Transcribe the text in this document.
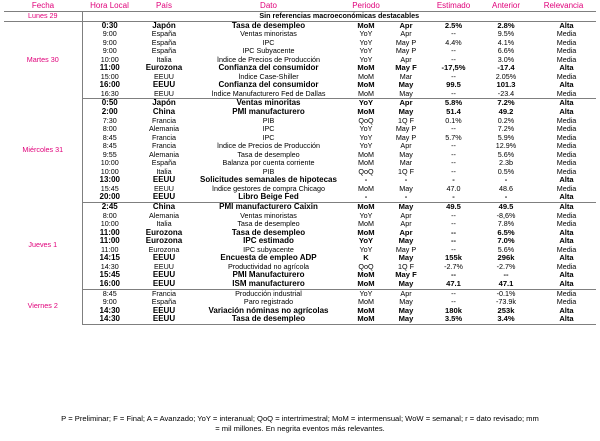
Fecha	Hora Local	País	Dato	Periodo		Estimado	Anterior	Relevancia
Lunes 29	Sin referencias macroeconómicas destacables							
Martes 30	0:30	Japón	Tasa de desempleo	MoM	Apr	2.5%	2.8%	Alta
	9:00	España	Ventas minoristas	YoY	Apr	--	9.5%	Media
	9:00	España	IPC	YoY	May P	4.4%	4.1%	Media
	9:00	España	IPC Subyacente	YoY	May P	--	6.6%	Media
	10:00	Italia	Índice de Precios de Producción	YoY	Apr	--	3.0%	Media
	11:00	Eurozona	Confianza del consumidor	MoM	May F	-17,5%	-17.4	Alta
	15:00	EEUU	Índice Case-Shiller	MoM	Mar	--	2.05%	Media
	16:00	EEUU	Confianza del consumidor	MoM	May	99.5	101.3	Alta
	16:30	EEUU	Índice Manufacturero Fed de Dallas	MoM	May	--	-23.4	Media
Miércoles 31	0:50	Japón	Ventas minoritas	YoY	Apr	5.8%	7.2%	Alta
	2:00	China	PMI manufacturero	MoM	May	51.4	49.2	Alta
	7:30	Francia	PIB	QoQ	1Q F	0.1%	0.2%	Media
	8:00	Alemania	IPC	YoY	May P	--	7.2%	Media
	8:45	Francia	IPC	YoY	May P	5.7%	5.9%	Media
	8:45	Francia	Índice de Precios de Producción	YoY	Apr	--	12.9%	Media
	9:55	Alemania	Tasa de desempleo	MoM	May	--	5.6%	Media
	10:00	España	Balanza por cuenta corriente	MoM	Mar	--	2.3b	Media
	10:00	Italia	PIB	QoQ	1Q F	--	0.5%	Media
	13:00	EEUU	Solicitudes semanales de hipotecas	-	-	-	-	Alta
	15:45	EEUU	Índice gestores de compra Chicago	MoM	May	47.0	48.6	Media
	20:00	EEUU	Libro Beige Fed	-	-	-	-	Alta
Jueves 1	2:45	China	PMI manufacturero Caixin	MoM	May	49.5	49.5	Alta
	8:00	Alemania	Ventas minoristas	YoY	Apr	--	-8,6%	Media
	10:00	Italia	Tasa de desempleo	MoM	Apr	--	7.8%	Media
	11:00	Eurozona	Tasa de desempleo	MoM	Apr	--	6.5%	Alta
	11:00	Eurozona	IPC estimado	YoY	May	--	7.0%	Alta
	11:00	Eurozona	IPC subyacente	YoY	May P	--	5.6%	Media
	14:15	EEUU	Encuesta de empleo ADP	K	May	155k	296k	Alta
	14:30	EEUU	Productividad no agrícola	QoQ	1Q F	-2.7%	-2.7%	Media
	15:45	EEUU	PMI Manufacturero	MoM	May F	--	--	Alta
	16:00	EEUU	ISM manufacturero	MoM	May	47.1	47.1	Alta
Viernes 2	8:45	Francia	Producción industrial	YoY	Apr	--	-0.1%	Media
	9:00	España	Paro registrado	MoM	May	--	-73.9k	Media
	14:30	EEUU	Variación nóminas no agrícolas	MoM	May	180k	253k	Alta
	14:30	EEUU	Tasa de desempleo	MoM	May	3.5%	3.4%	Alta
P = Preliminar; F = Final; A = Avanzado; YoY = interanual; QoQ = intertrimestral; MoM = intermensual; WoW = semanal; r = dato revisado; mm
= mil millones. En negrita eventos más relevantes.
